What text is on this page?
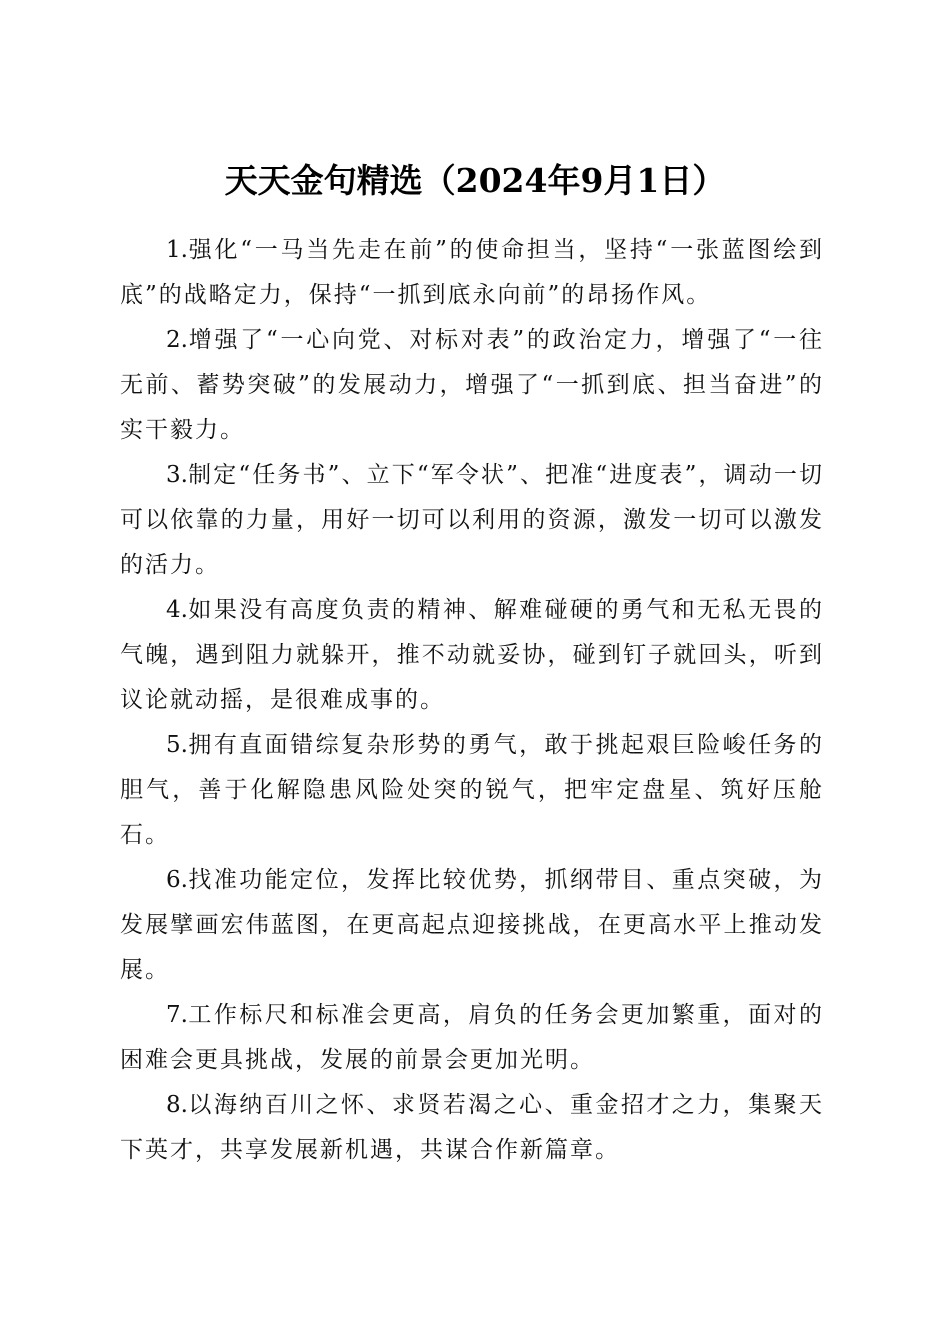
天天金句精选（2024年9月1日）

1.强化“一马当先走在前”的使命担当，坚持“一张蓝图绘到底”的战略定力，保持“一抓到底永向前”的昂扬作风。

2.增强了“一心向党、对标对表”的政治定力，增强了“一往无前、蓄势突破”的发展动力，增强了“一抓到底、担当奋进”的实干毅力。

3.制定“任务书”、立下“军令状”、把准“进度表”，调动一切可以依靠的力量，用好一切可以利用的资源，激发一切可以激发的活力。

4.如果没有高度负责的精神、解难碰硬的勇气和无私无畏的气魄，遇到阻力就躲开，推不动就妥协，碰到钉子就回头，听到议论就动摇，是很难成事的。

5.拥有直面错综复杂形势的勇气，敢于挑起艰巨险峻任务的胆气，善于化解隐患风险处突的锐气，把牢定盘星、筑好压舱石。

6.找准功能定位，发挥比较优势，抓纲带目、重点突破，为发展擘画宏伟蓝图，在更高起点迎接挑战，在更高水平上推动发展。

7.工作标尺和标准会更高，肩负的任务会更加繁重，面对的困难会更具挑战，发展的前景会更加光明。

8.以海纳百川之怀、求贤若渴之心、重金招才之力，集聚天下英才，共享发展新机遇，共谋合作新篇章。
